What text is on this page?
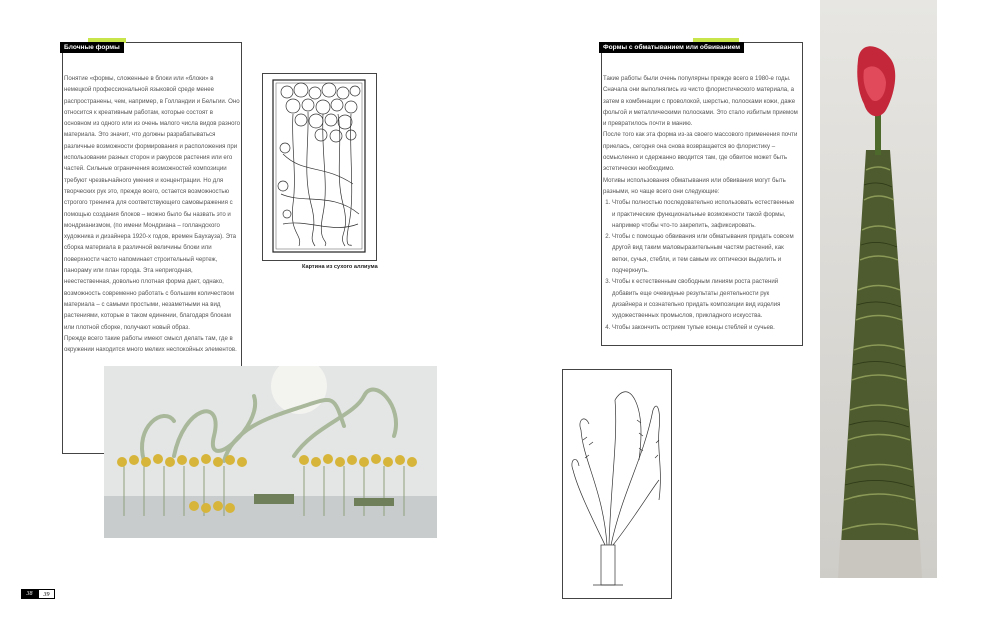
Блочные формы

Понятие «формы, сложенные в блоки или «блоки» в немецкой профессиональной языковой среде менее распространены, чем, например, в Голландии и Бельгии. Оно относится к креативным работам, которые состоят в основном из одного или из очень малого числа видов разного материала. Это значит, что должны разрабатываться различные возможности формирования и расположения при использовании разных сторон и ракурсов растения или его частей. Сильные ограничения возможностей композиции требуют чрезвычайного умения и концентрации. Но для творческих рук это, прежде всего, остается возможностью строгого тренинга для соответствующего самовыражения с помощью создания блоков – можно было бы назвать это и мондрианизмом, (по имени Мондриана – голландского художника и дизайнера 1920-х годов, времен Баухауза). Эта сборка материала в различной величины блоки или поверхности часто напоминает строительный чертеж, панораму или план города. Эта непригодная, неестественная, довольно плотная форма дает, однако, возможность современно работать с большим количеством материала – с самыми простыми, незаметными на вид растениями, которые в таком единении, благодаря блокам или плотной сборке, получают новый образ.

Прежде всего такие работы имеют смысл делать там, где в окружении находится много мелких неспокойных элементов.

Картина из сухого аллиума
38	39
Формы с обматыванием или обвиванием

Такие работы были очень популярны прежде всего в 1980-е годы. Сначала они выполнялись из чисто флористического материала, а затем в комбинации с проволокой, шерстью, полосками кожи, даже фольгой и металлическими полосками. Это стало избитым приемом и превратилось почти в манию.

После того как эта форма из-за своего массового применения почти приелась, сегодня она снова возвращается во флористику – осмысленно и сдержанно вводится там, где обвитое может быть эстетически необходимо.

Мотивы использования обматывания или обвивания могут быть разными, но чаще всего они следующие:

1. Чтобы полностью последовательно использовать естественные и практические функциональные возможности такой формы, например чтобы что-то закрепить, зафиксировать.
2. Чтобы с помощью обвивания или обматывания придать совсем другой вид таким маловыразительным частям растений, как ветки, сучья, стебли, и тем самым их оптически выделить и подчеркнуть.
3. Чтобы к естественным свободным линиям роста растений добавить еще очевидные результаты деятельности рук дизайнера и сознательно придать композиции вид изделия художественных промыслов, прикладного искусства.
4. Чтобы закончить острием тупые концы стеблей и сучьев.
